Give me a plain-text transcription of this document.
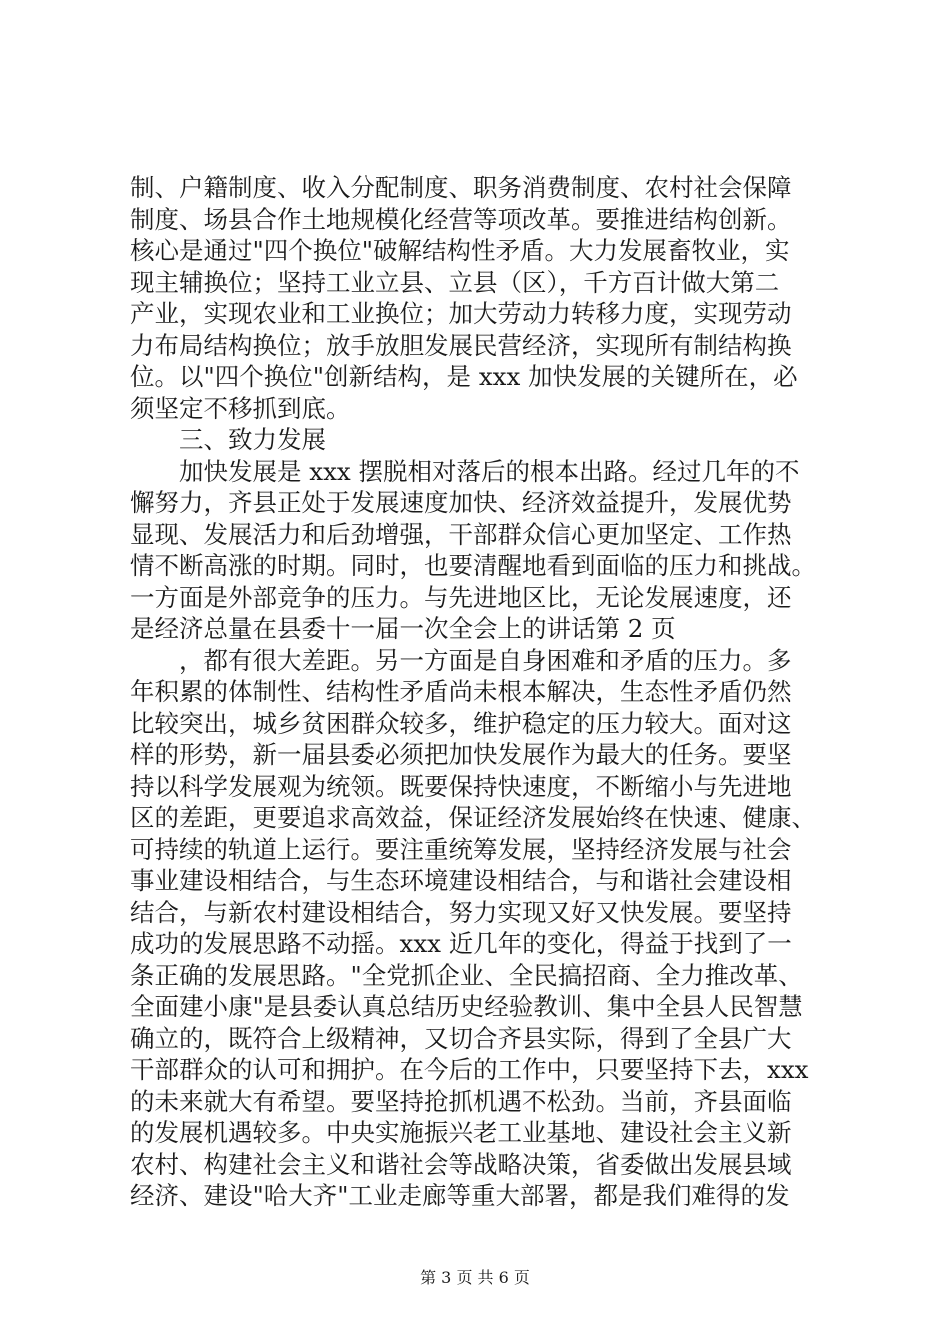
制、户籍制度、收入分配制度、职务消费制度、农村社会保障
制度、场县合作土地规模化经营等项改革。要推进结构创新。
核心是通过"四个换位"破解结构性矛盾。大力发展畜牧业，实
现主辅换位；坚持工业立县、立县（区），千方百计做大第二
产业，实现农业和工业换位；加大劳动力转移力度，实现劳动
力布局结构换位；放手放胆发展民营经济，实现所有制结构换
位。以"四个换位"创新结构，是 xxx 加快发展的关键所在，必
须坚定不移抓到底。
　　三、致力发展
　　加快发展是 xxx 摆脱相对落后的根本出路。经过几年的不
懈努力，齐县正处于发展速度加快、经济效益提升，发展优势
显现、发展活力和后劲增强，干部群众信心更加坚定、工作热
情不断高涨的时期。同时，也要清醒地看到面临的压力和挑战。
一方面是外部竞争的压力。与先进地区比，无论发展速度，还
是经济总量在县委十一届一次全会上的讲话第 2 页
　　，都有很大差距。另一方面是自身困难和矛盾的压力。多
年积累的体制性、结构性矛盾尚未根本解决，生态性矛盾仍然
比较突出，城乡贫困群众较多，维护稳定的压力较大。面对这
样的形势，新一届县委必须把加快发展作为最大的任务。要坚
持以科学发展观为统领。既要保持快速度，不断缩小与先进地
区的差距，更要追求高效益，保证经济发展始终在快速、健康、
可持续的轨道上运行。要注重统筹发展，坚持经济发展与社会
事业建设相结合，与生态环境建设相结合，与和谐社会建设相
结合，与新农村建设相结合，努力实现又好又快发展。要坚持
成功的发展思路不动摇。xxx 近几年的变化，得益于找到了一
条正确的发展思路。"全党抓企业、全民搞招商、全力推改革、
全面建小康"是县委认真总结历史经验教训、集中全县人民智慧
确立的，既符合上级精神，又切合齐县实际，得到了全县广大
干部群众的认可和拥护。在今后的工作中，只要坚持下去，xxx
的未来就大有希望。要坚持抢抓机遇不松劲。当前，齐县面临
的发展机遇较多。中央实施振兴老工业基地、建设社会主义新
农村、构建社会主义和谐社会等战略决策，省委做出发展县域
经济、建设"哈大齐"工业走廊等重大部署，都是我们难得的发
第 3 页 共 6 页
